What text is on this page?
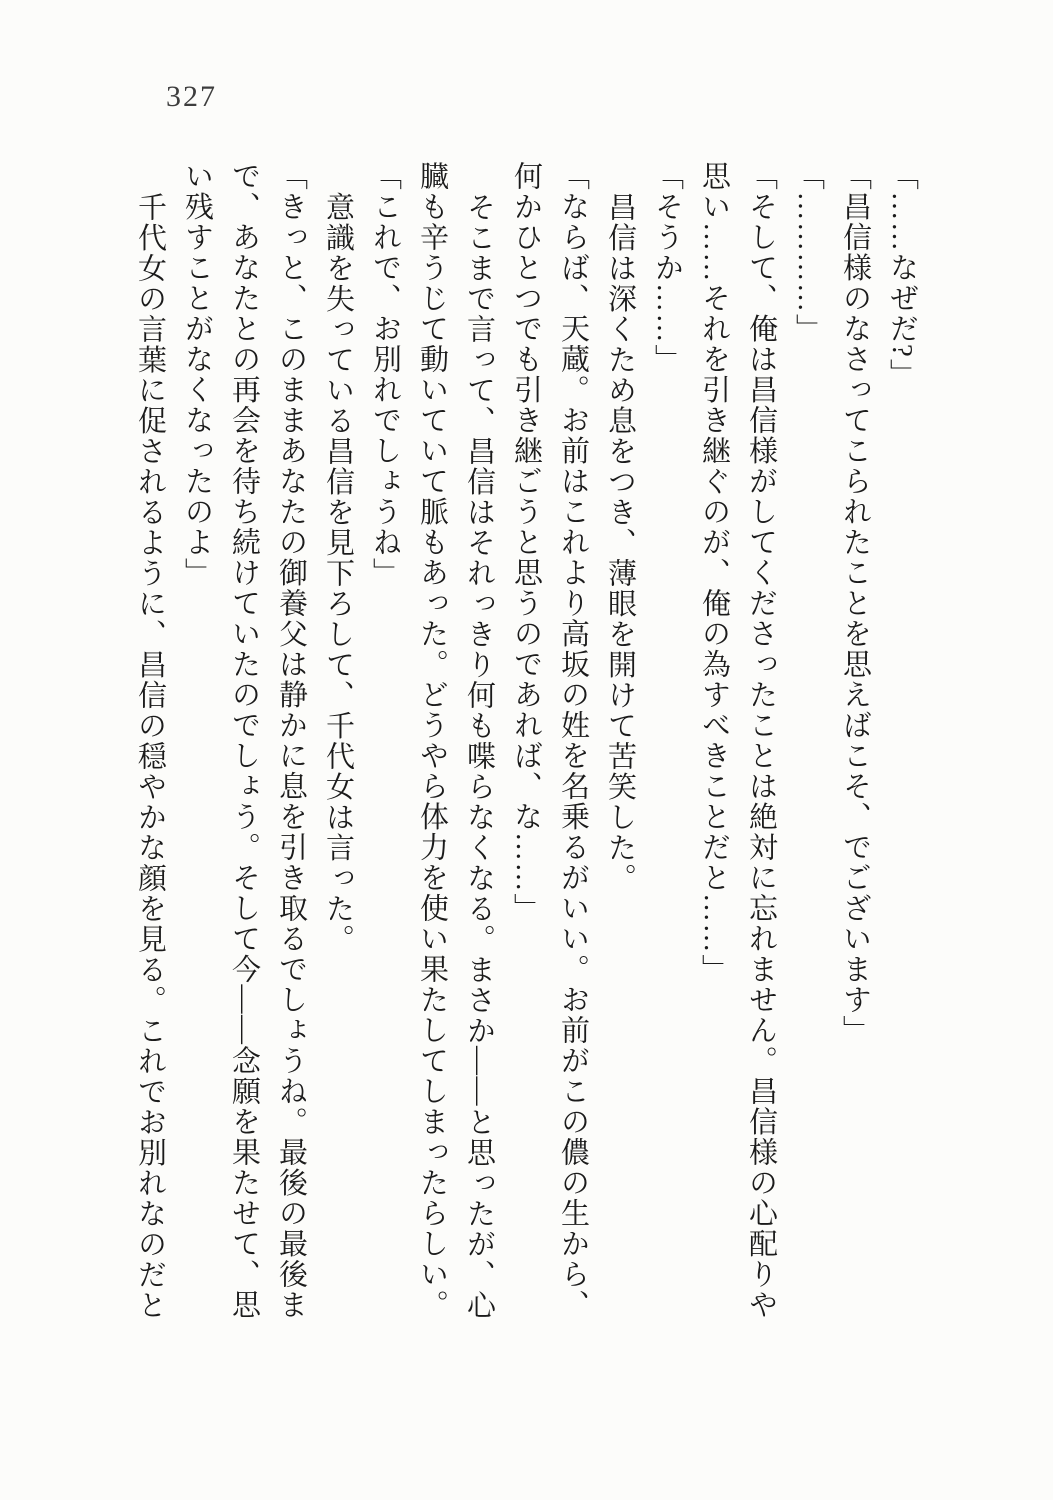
327
「……なぜだ?」
「昌信様のなさってこられたことを思えばこそ、でございます」
「…………」
「そして、俺は昌信様がしてくださったことは絶対に忘れません。昌信様の心配りや
思い……それを引き継ぐのが、俺の為すべきことだと……」
「そうか……」
昌信は深くため息をつき、薄眼を開けて苦笑した。
「ならば、天蔵。お前はこれより高坂の姓を名乗るがいい。お前がこの儂の生から、
何かひとつでも引き継ごうと思うのであれば、な……」
そこまで言って、昌信はそれっきり何も喋らなくなる。まさか――と思ったが、心
臓も辛うじて動いていて脈もあった。どうやら体力を使い果たしてしまったらしい。
「これで、お別れでしょうね」
意識を失っている昌信を見下ろして、千代女は言った。
「きっと、このままあなたの御養父は静かに息を引き取るでしょうね。最後の最後ま
で、あなたとの再会を待ち続けていたのでしょう。そして今――念願を果たせて、思
い残すことがなくなったのよ」
千代女の言葉に促されるように、昌信の穏やかな顔を見る。これでお別れなのだと
